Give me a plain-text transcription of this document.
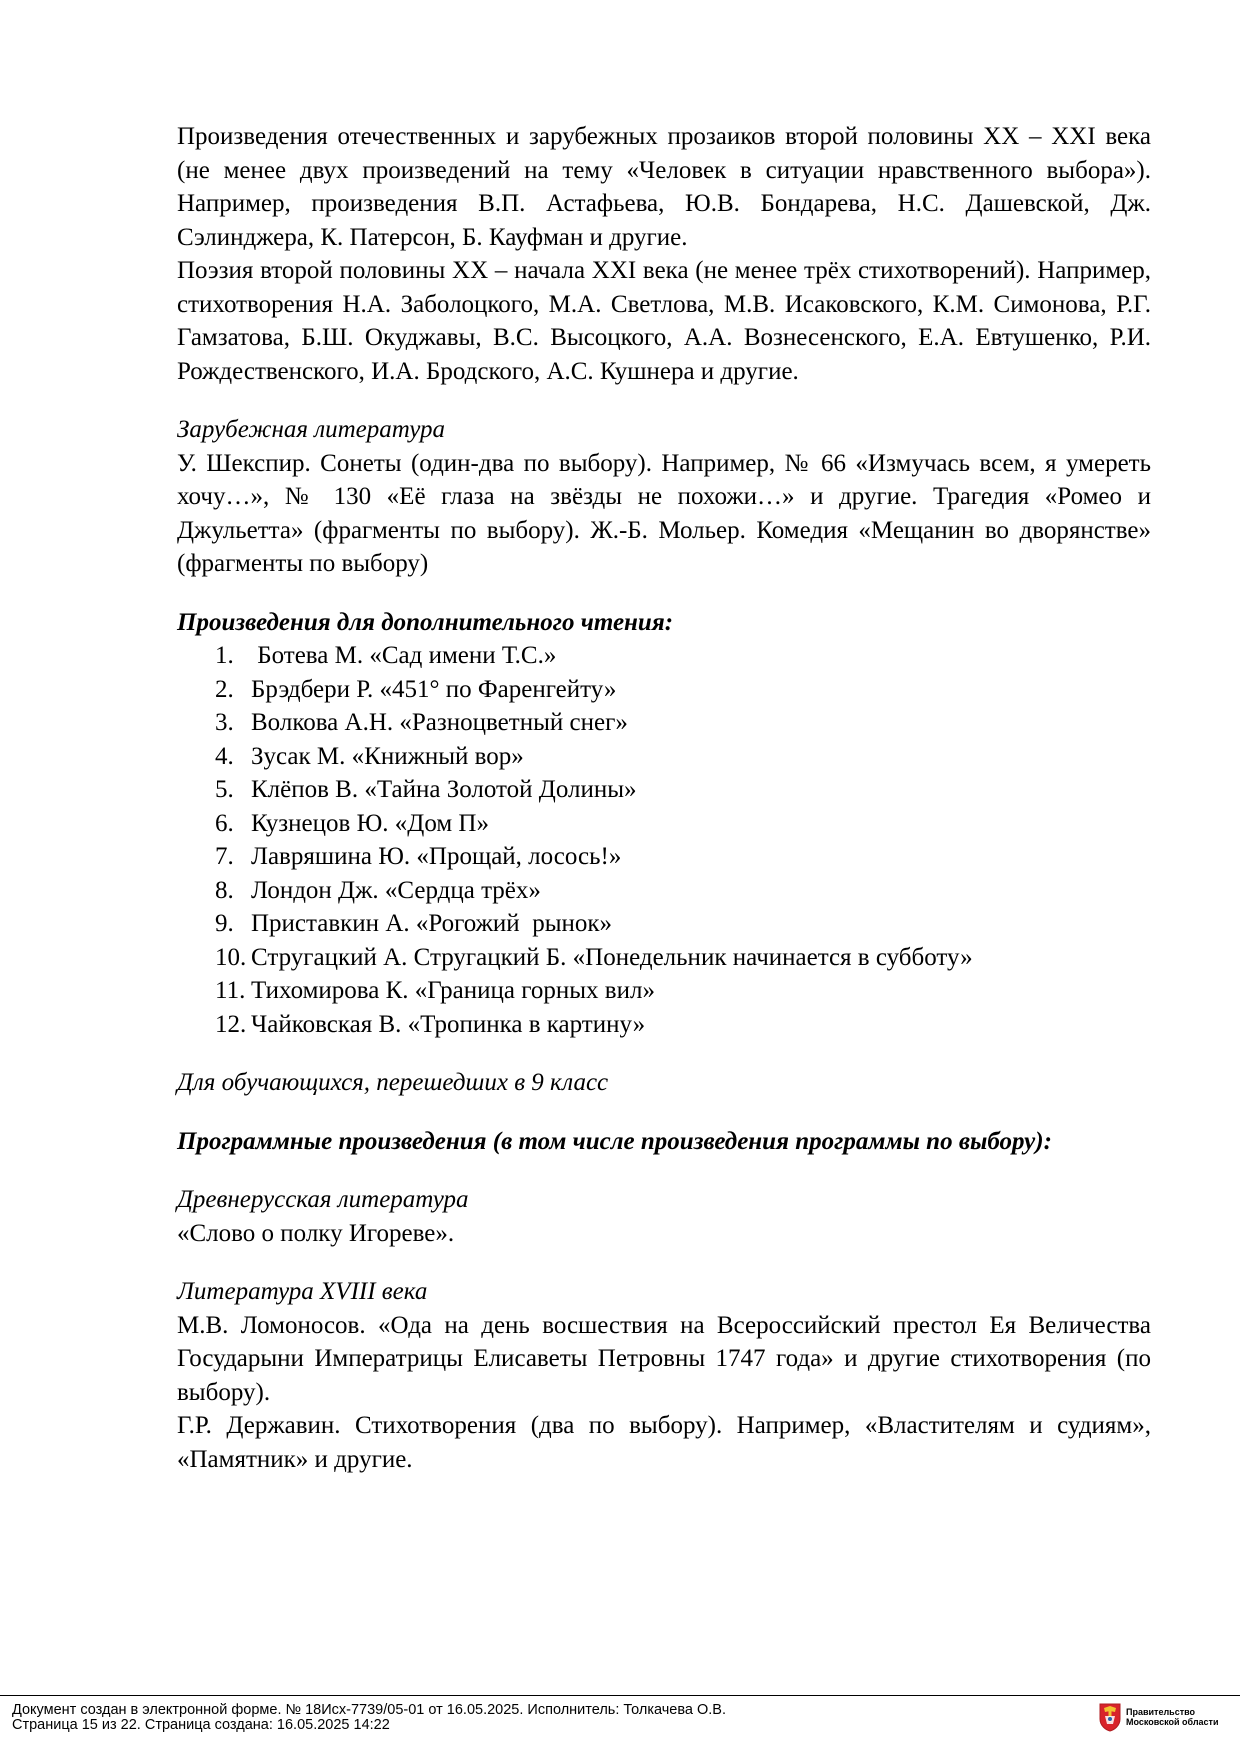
Произведения отечественных и зарубежных прозаиков второй половины XX – XXI века (не менее двух произведений на тему «Человек в ситуации нравственного выбора»). Например, произведения В.П. Астафьева, Ю.В. Бондарева, Н.С. Дашевской, Дж. Сэлинджера, К. Патерсон, Б. Кауфман и другие.

Поэзия второй половины XX – начала XXI века (не менее трёх стихотворений). Например, стихотворения Н.А. Заболоцкого, М.А. Светлова, М.В. Исаковского, К.М. Симонова, Р.Г. Гамзатова, Б.Ш. Окуджавы, В.С. Высоцкого, А.А. Вознесенского, Е.А. Евтушенко, Р.И. Рождественского, И.А. Бродского, А.С. Кушнера и другие.

Зарубежная литература

У. Шекспир. Сонеты (один-два по выбору). Например, № 66 «Измучась всем, я умереть хочу…», № 130 «Её глаза на звёзды не похожи…» и другие. Трагедия «Ромео и Джульетта» (фрагменты по выбору). Ж.-Б. Мольер. Комедия «Мещанин во дворянстве» (фрагменты по выбору)

Произведения для дополнительного чтения:

1. Ботева М. «Сад имени Т.С.»
2. Брэдбери Р. «451° по Фаренгейту»
3. Волкова А.Н. «Разноцветный снег»
4. Зусак М. «Книжный вор»
5. Клёпов В. «Тайна Золотой Долины»
6. Кузнецов Ю. «Дом П»
7. Лавряшина Ю. «Прощай, лосось!»
8. Лондон Дж. «Сердца трёх»
9. Приставкин А. «Рогожий  рынок»
10. Стругацкий А. Стругацкий Б. «Понедельник начинается в субботу»
11. Тихомирова К. «Граница горных вил»
12. Чайковская В. «Тропинка в картину»

Для обучающихся, перешедших в 9 класс

Программные произведения (в том числе произведения программы по выбору):

Древнерусская литература

«Слово о полку Игореве».

Литература XVIII века

М.В. Ломоносов. «Ода на день восшествия на Всероссийский престол Ея Величества Государыни Императрицы Елисаветы Петровны 1747 года» и другие стихотворения (по выбору).

Г.Р. Державин. Стихотворения (два по выбору). Например, «Властителям и судиям», «Памятник» и другие.

Документ создан в электронной форме. № 18Исх-7739/05-01 от 16.05.2025. Исполнитель: Толкачева О.В.
Страница 15 из 22. Страница создана: 16.05.2025 14:22
Правительство
Московской области
